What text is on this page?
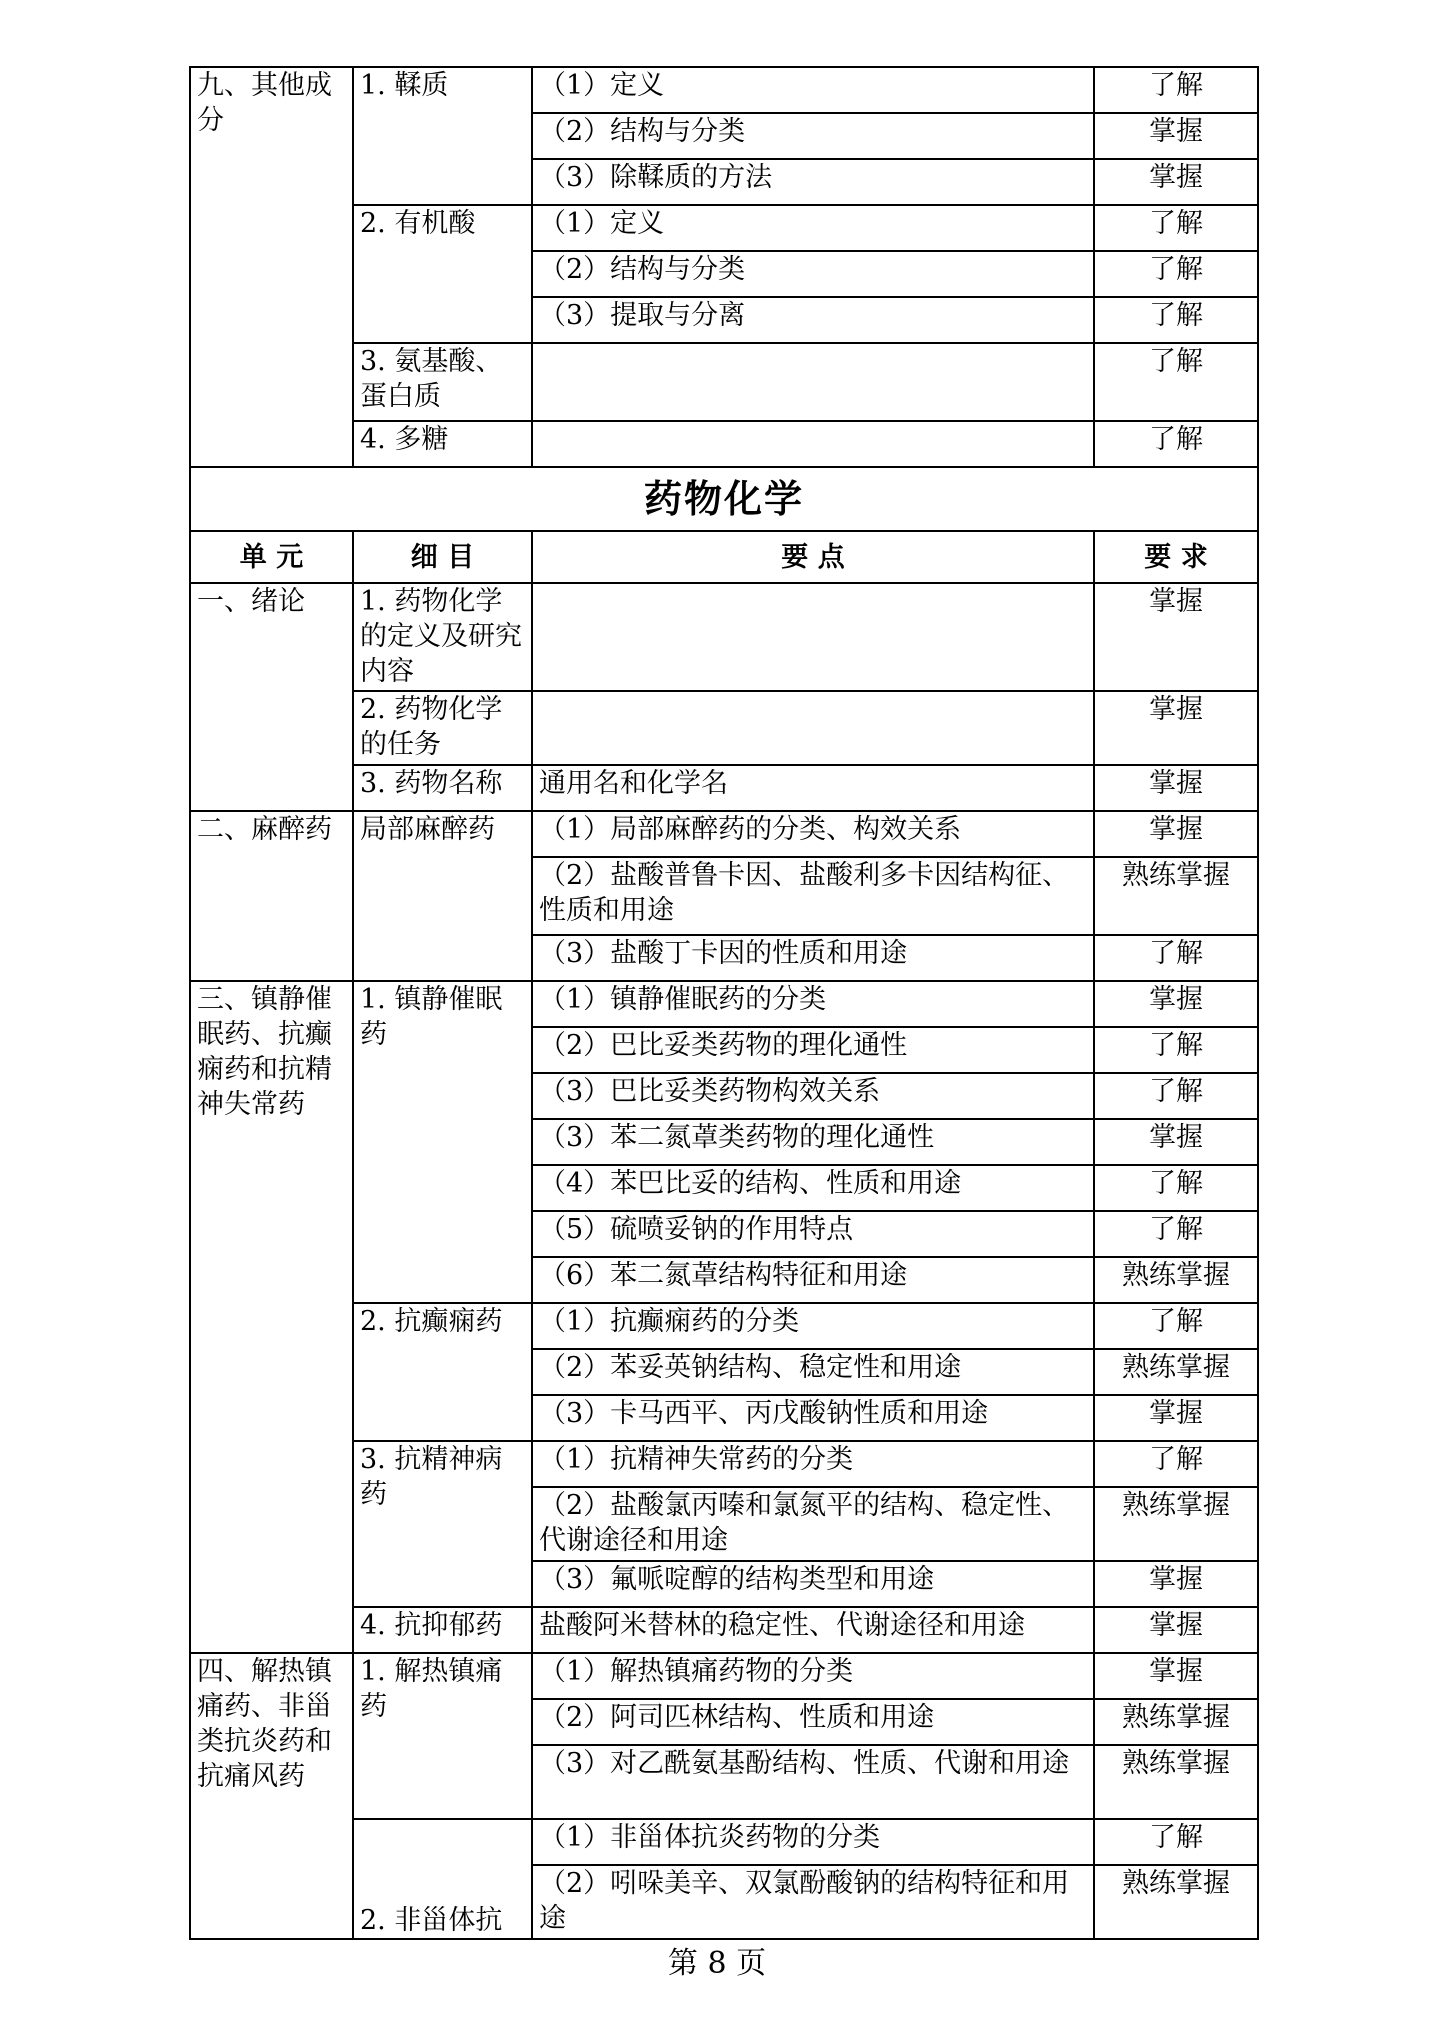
九、其他成分	1. 鞣质	（1）定义	了解
		（2）结构与分类	掌握
		（3）除鞣质的方法	掌握
	2. 有机酸	（1）定义	了解
		（2）结构与分类	了解
		（3）提取与分离	了解
	3. 氨基酸、蛋白质		了解
	4. 多糖		了解
药物化学			
单 元	细 目	要 点	要 求
一、绪论	1. 药物化学的定义及研究内容		掌握
	2. 药物化学的任务		掌握
	3. 药物名称	通用名和化学名	掌握
二、麻醉药	局部麻醉药	（1）局部麻醉药的分类、构效关系	掌握
		（2）盐酸普鲁卡因、盐酸利多卡因结构征、性质和用途	熟练掌握
		（3）盐酸丁卡因的性质和用途	了解
三、镇静催眠药、抗癫痫药和抗精神失常药	1. 镇静催眠药	（1）镇静催眠药的分类	掌握
		（2）巴比妥类药物的理化通性	了解
		（3）巴比妥类药物构效关系	了解
		（3）苯二氮䓬类药物的理化通性	掌握
		（4）苯巴比妥的结构、性质和用途	了解
		（5）硫喷妥钠的作用特点	了解
		（6）苯二氮䓬结构特征和用途	熟练掌握
	2. 抗癫痫药	（1）抗癫痫药的分类	了解
		（2）苯妥英钠结构、稳定性和用途	熟练掌握
		（3）卡马西平、丙戊酸钠性质和用途	掌握
	3. 抗精神病药	（1）抗精神失常药的分类	了解
		（2）盐酸氯丙嗪和氯氮平的结构、稳定性、代谢途径和用途	熟练掌握
		（3）氟哌啶醇的结构类型和用途	掌握
	4. 抗抑郁药	盐酸阿米替林的稳定性、代谢途径和用途	掌握
四、解热镇痛药、非甾类抗炎药和抗痛风药	1. 解热镇痛药	（1）解热镇痛药物的分类	掌握
		（2）阿司匹林结构、性质和用途	熟练掌握
		（3）对乙酰氨基酚结构、性质、代谢和用途	熟练掌握
	2. 非甾体抗	（1）非甾体抗炎药物的分类	了解
		（2）吲哚美辛、双氯酚酸钠的结构特征和用途	熟练掌握
第 8 页
